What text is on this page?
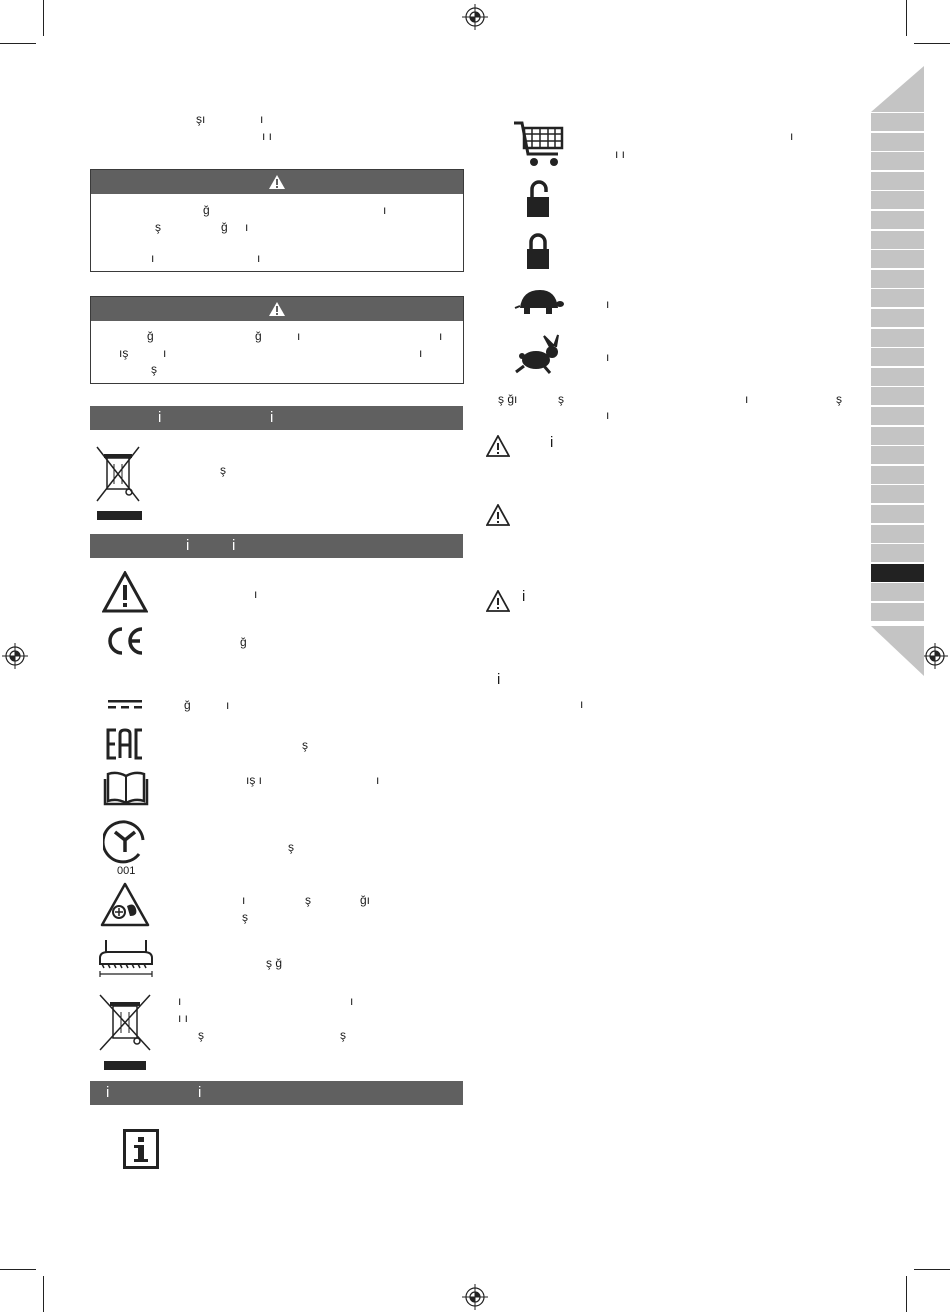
şı	ı
ı ı
ğ	ı
ş	ğ ı
ı	ı
ğ	ğ	ı	ı
ış	ı	ı
ş
i	i
ş
i	i
ı
ğ
ğ	ı
ş
ış ı	ı
001
ş
ı	ş	ğı
ş
ş ğ
ı	ı
ı ı
ş	ş
i	i
ı
ı ı
ı
ı
ş ğı	ş	ı	ş
ı
i
i
i
ı
